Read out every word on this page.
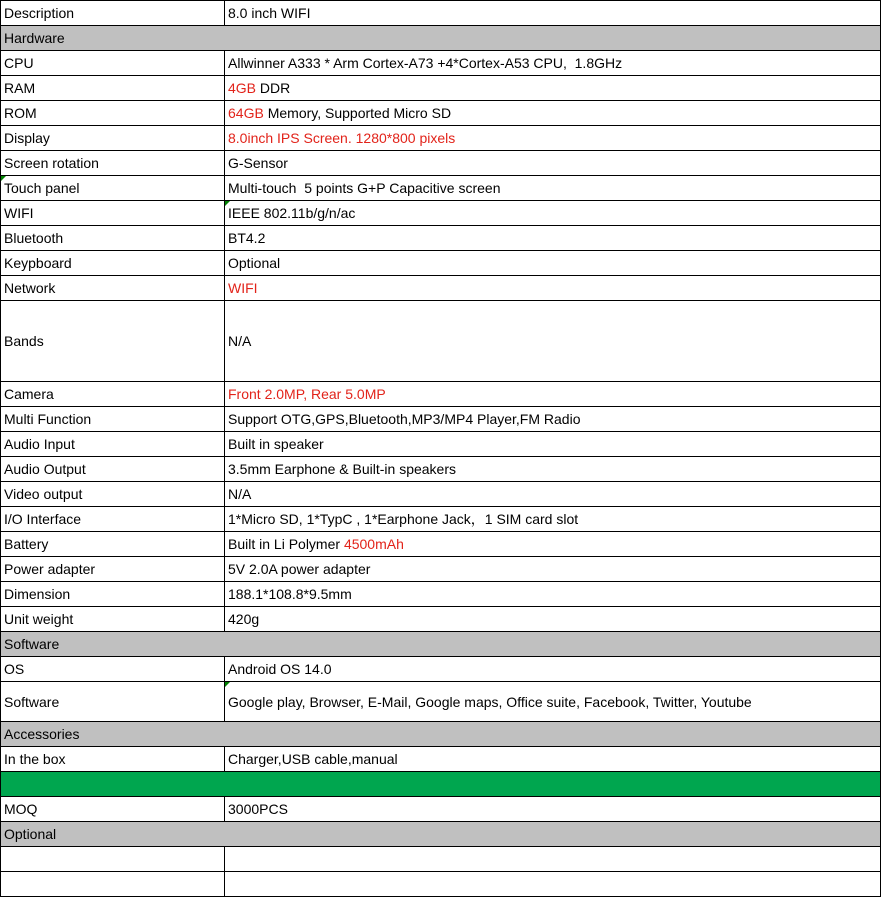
Description	8.0 inch WIFI
Hardware	
CPU	Allwinner A333 * Arm Cortex-A73 +4*Cortex-A53 CPU,  1.8GHz
RAM	4GB DDR
ROM	64GB Memory, Supported Micro SD
Display	8.0inch IPS Screen. 1280*800 pixels
Screen rotation	G-Sensor
Touch panel	Multi-touch  5 points G+P Capacitive screen
WIFI	IEEE 802.11b/g/n/ac
Bluetooth	BT4.2
Keypboard	Optional
Network	WIFI
Bands	N/A
Camera	Front 2.0MP, Rear 5.0MP
Multi Function	Support OTG,GPS,Bluetooth,MP3/MP4 Player,FM Radio
Audio Input	Built in speaker
Audio Output	3.5mm Earphone & Built-in speakers
Video output	N/A
I/O Interface	1*Micro SD, 1*TypC , 1*Earphone Jack，1 SIM card slot
Battery	Built in Li Polymer 4500mAh
Power adapter	5V 2.0A power adapter
Dimension	188.1*108.8*9.5mm
Unit weight	420g
Software	
OS	Android OS 14.0
Software	Google play, Browser, E-Mail, Google maps, Office suite, Facebook, Twitter, Youtube
Accessories	
In the box	Charger,USB cable,manual

MOQ	3000PCS
Optional	
